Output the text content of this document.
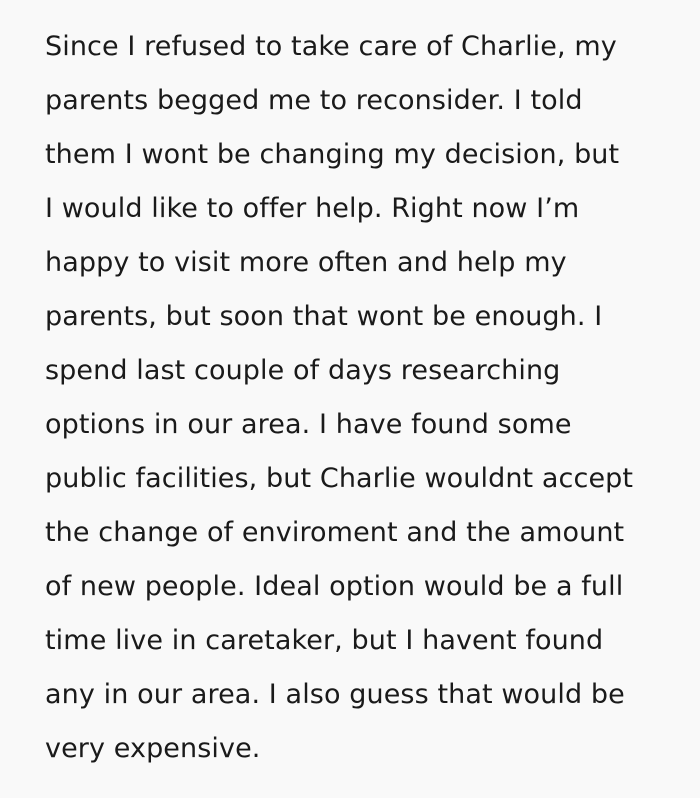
Since I refused to take care of Charlie, my
parents begged me to reconsider. I told
them I wont be changing my decision, but
I would like to offer help. Right now I’m
happy to visit more often and help my
parents, but soon that wont be enough. I
spend last couple of days researching
options in our area. I have found some
public facilities, but Charlie wouldnt accept
the change of enviroment and the amount
of new people. Ideal option would be a full
time live in caretaker, but I havent found
any in our area. I also guess that would be
very expensive.
